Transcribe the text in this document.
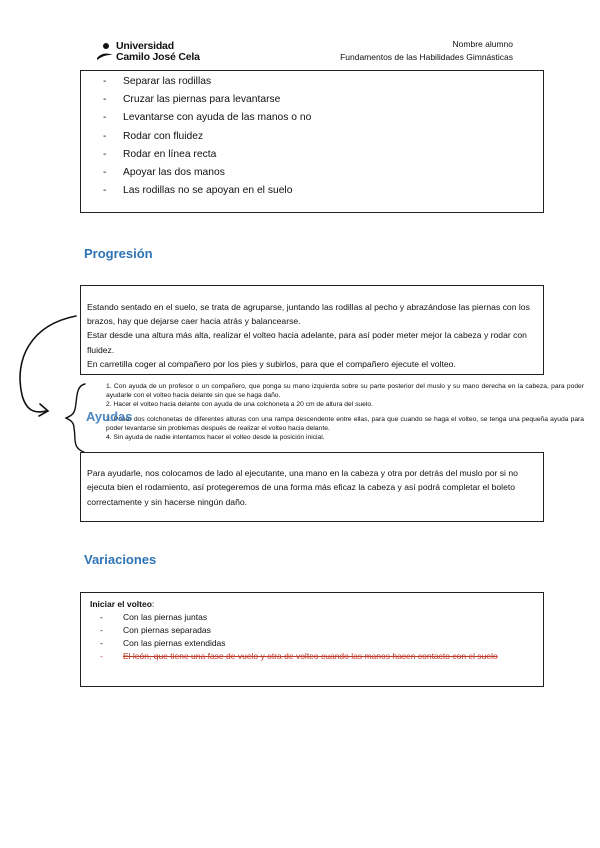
Universidad
Camilo José Cela
Nombre alumno
Fundamentos de las Habilidades Gimnásticas
- Separar las rodillas
- Cruzar las piernas para levantarse
- Levantarse con ayuda de las manos o no
- Rodar con fluidez
- Rodar en línea recta
- Apoyar las dos manos
- Las rodillas no se apoyan en el suelo
Progresión

Estando sentado en el suelo, se trata de agruparse, juntando las rodillas al pecho y abrazándose las piernas con los brazos, hay que dejarse caer hacia atrás y balancearse.

Estar desde una altura más alta, realizar el volteo hacia adelante, para así poder meter mejor la cabeza y rodar con fluidez.

En carretilla coger al compañero por los pies y subirlos, para que el compañero ejecute el volteo.

1. Con ayuda de un profesor o un compañero, que ponga su mano izquierda sobre su parte posterior del muslo y su mano derecha en la cabeza, para poder ayudarle con el volteo hacia delante sin que se haga daño.
2. Hacer el volteo hacia delante con ayuda de una colchoneta a 20 cm de altura del suelo.
3. Poner dos colchonetas de diferentes alturas con una rampa descendente entre ellas, para que cuando se haga el volteo, se tenga una pequeña ayuda para poder levantarse sin problemas después de realizar el volteo hacia delante.
4. Sin ayuda de nadie intentamos hacer el volteo desde la posición inicial.
Ayudas
Para ayudarle, nos colocamos de lado al ejecutante, una mano en la cabeza y otra por detrás del muslo por si no ejecuta bien el rodamiento, así protegeremos de una forma más eficaz la cabeza y así podrá completar el boleto correctamente y sin hacerse ningún daño.
Variaciones
Iniciar el volteo:
- Con las piernas juntas
- Con piernas separadas
- Con las piernas extendidas
- El león, que tiene una fase de vuelo y otra de volteo cuando las manos hacen contacto con el suelo
